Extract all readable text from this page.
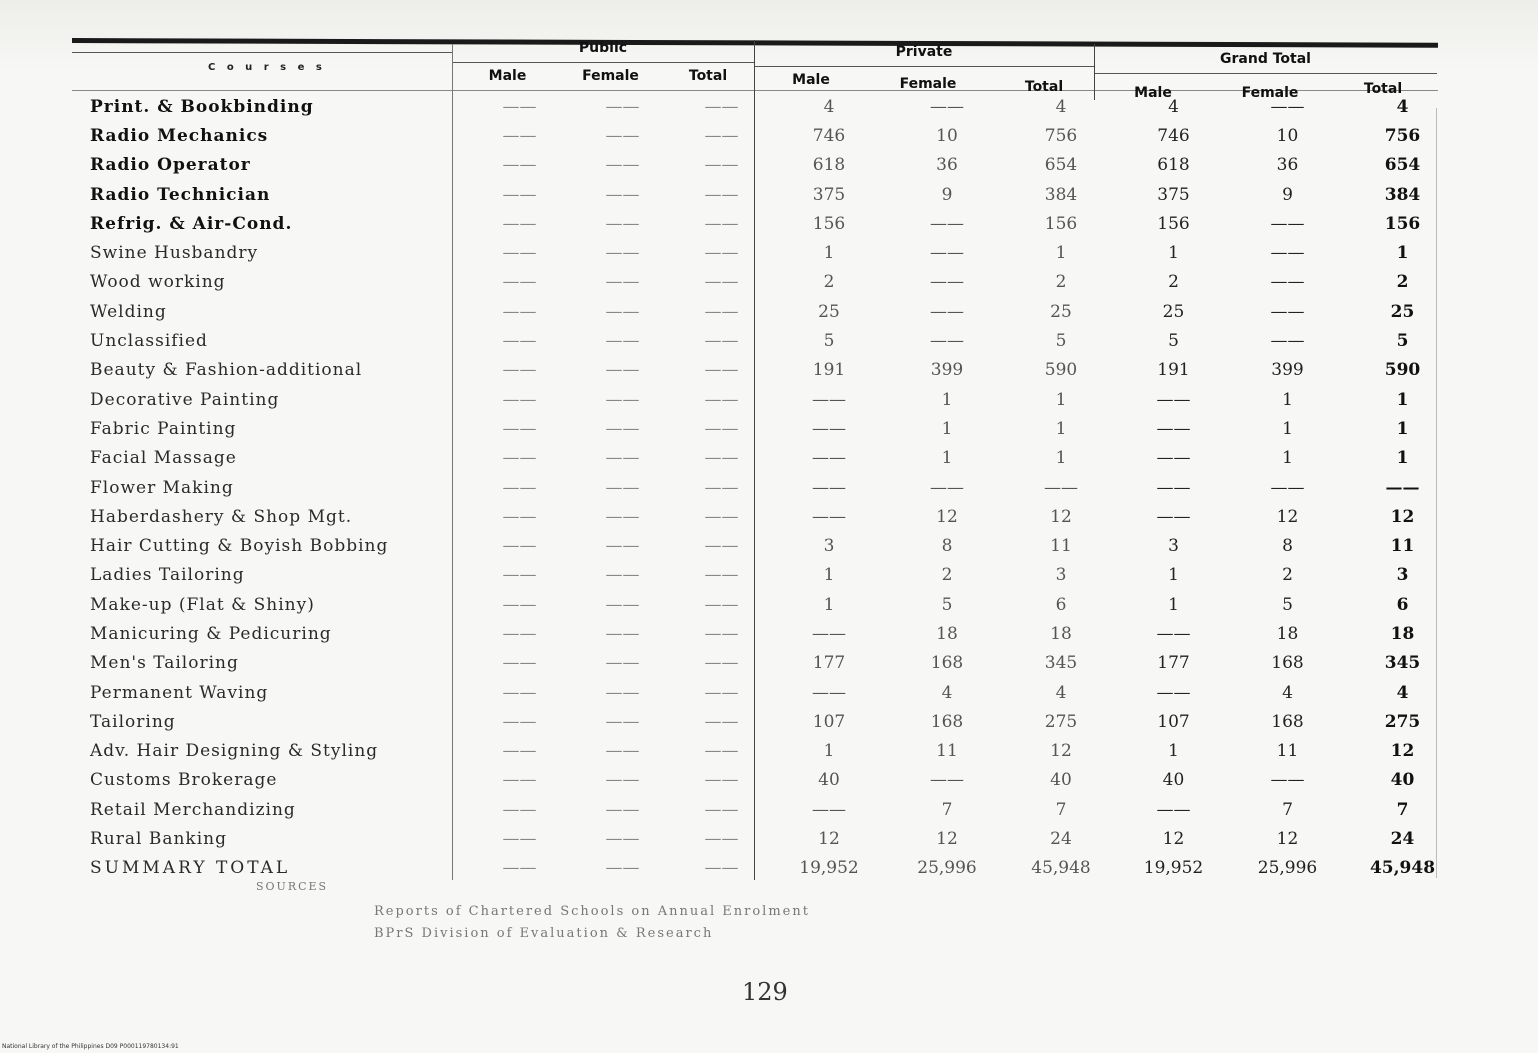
C o u r s e s
Public	Private	Grand Total
Male	Female	Total	Male	Female	Total	Male	Female	Total
Print. & Bookbinding	——	——	——	4	——	4	4	——	4
Radio Mechanics	——	——	——	746	10	756	746	10	756
Radio Operator	——	——	——	618	36	654	618	36	654
Radio Technician	——	——	——	375	9	384	375	9	384
Refrig. & Air-Cond.	——	——	——	156	——	156	156	——	156
Swine Husbandry	——	——	——	1	——	1	1	——	1
Wood working	——	——	——	2	——	2	2	——	2
Welding	——	——	——	25	——	25	25	——	25
Unclassified	——	——	——	5	——	5	5	——	5
Beauty & Fashion-additional	——	——	——	191	399	590	191	399	590
Decorative Painting	——	——	——	——	1	1	——	1	1
Fabric Painting	——	——	——	——	1	1	——	1	1
Facial Massage	——	——	——	——	1	1	——	1	1
Flower Making	——	——	——	——	——	——	——	——	——
Haberdashery & Shop Mgt.	——	——	——	——	12	12	——	12	12
Hair Cutting & Boyish Bobbing	——	——	——	3	8	11	3	8	11
Ladies Tailoring	——	——	——	1	2	3	1	2	3
Make-up (Flat & Shiny)	——	——	——	1	5	6	1	5	6
Manicuring & Pedicuring	——	——	——	——	18	18	——	18	18
Men's Tailoring	——	——	——	177	168	345	177	168	345
Permanent Waving	——	——	——	——	4	4	——	4	4
Tailoring	——	——	——	107	168	275	107	168	275
Adv. Hair Designing & Styling	——	——	——	1	11	12	1	11	12
Customs Brokerage	——	——	——	40	——	40	40	——	40
Retail Merchandizing	——	——	——	——	7	7	——	7	7
Rural Banking	——	——	——	12	12	24	12	12	24
SUMMARY TOTAL	——	——	——	19,952	25,996	45,948	19,952	25,996	45,948
SOURCES
Reports of Chartered Schools on Annual Enrolment
BPrS Division of Evaluation & Research
129
National Library of the Philippines D09 P000119780134:91
